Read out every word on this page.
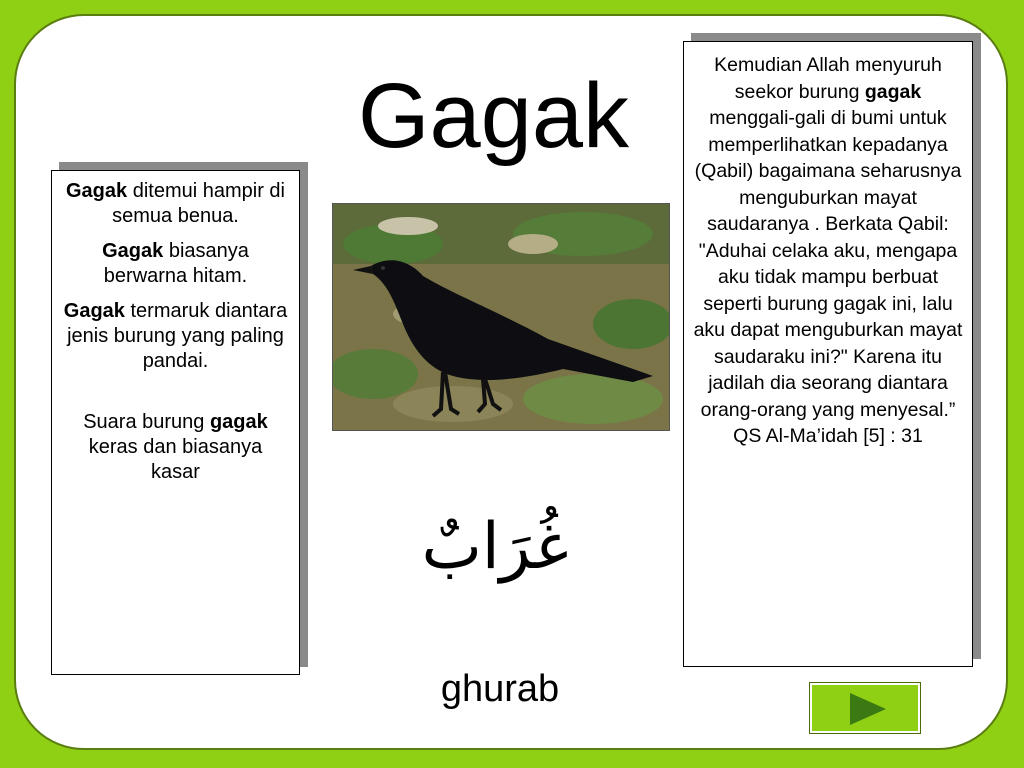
Gagak

Gagak ditemui hampir di semua benua.

Gagak biasanya berwarna hitam.

Gagak termaruk diantara jenis burung yang paling pandai.

Suara burung gagak keras dan biasanya kasar

Kemudian Allah menyuruh seekor burung gagak menggali-gali di bumi untuk memperlihatkan kepadanya (Qabil) bagaimana seharusnya menguburkan mayat saudaranya . Berkata Qabil: "Aduhai celaka aku, mengapa aku tidak mampu berbuat seperti burung gagak ini, lalu aku dapat menguburkan mayat saudaraku ini?" Karena itu jadilah dia seorang diantara orang-orang yang menyesal.”

QS Al-Ma’idah [5] : 31

غُرَابٌ
ghurab
